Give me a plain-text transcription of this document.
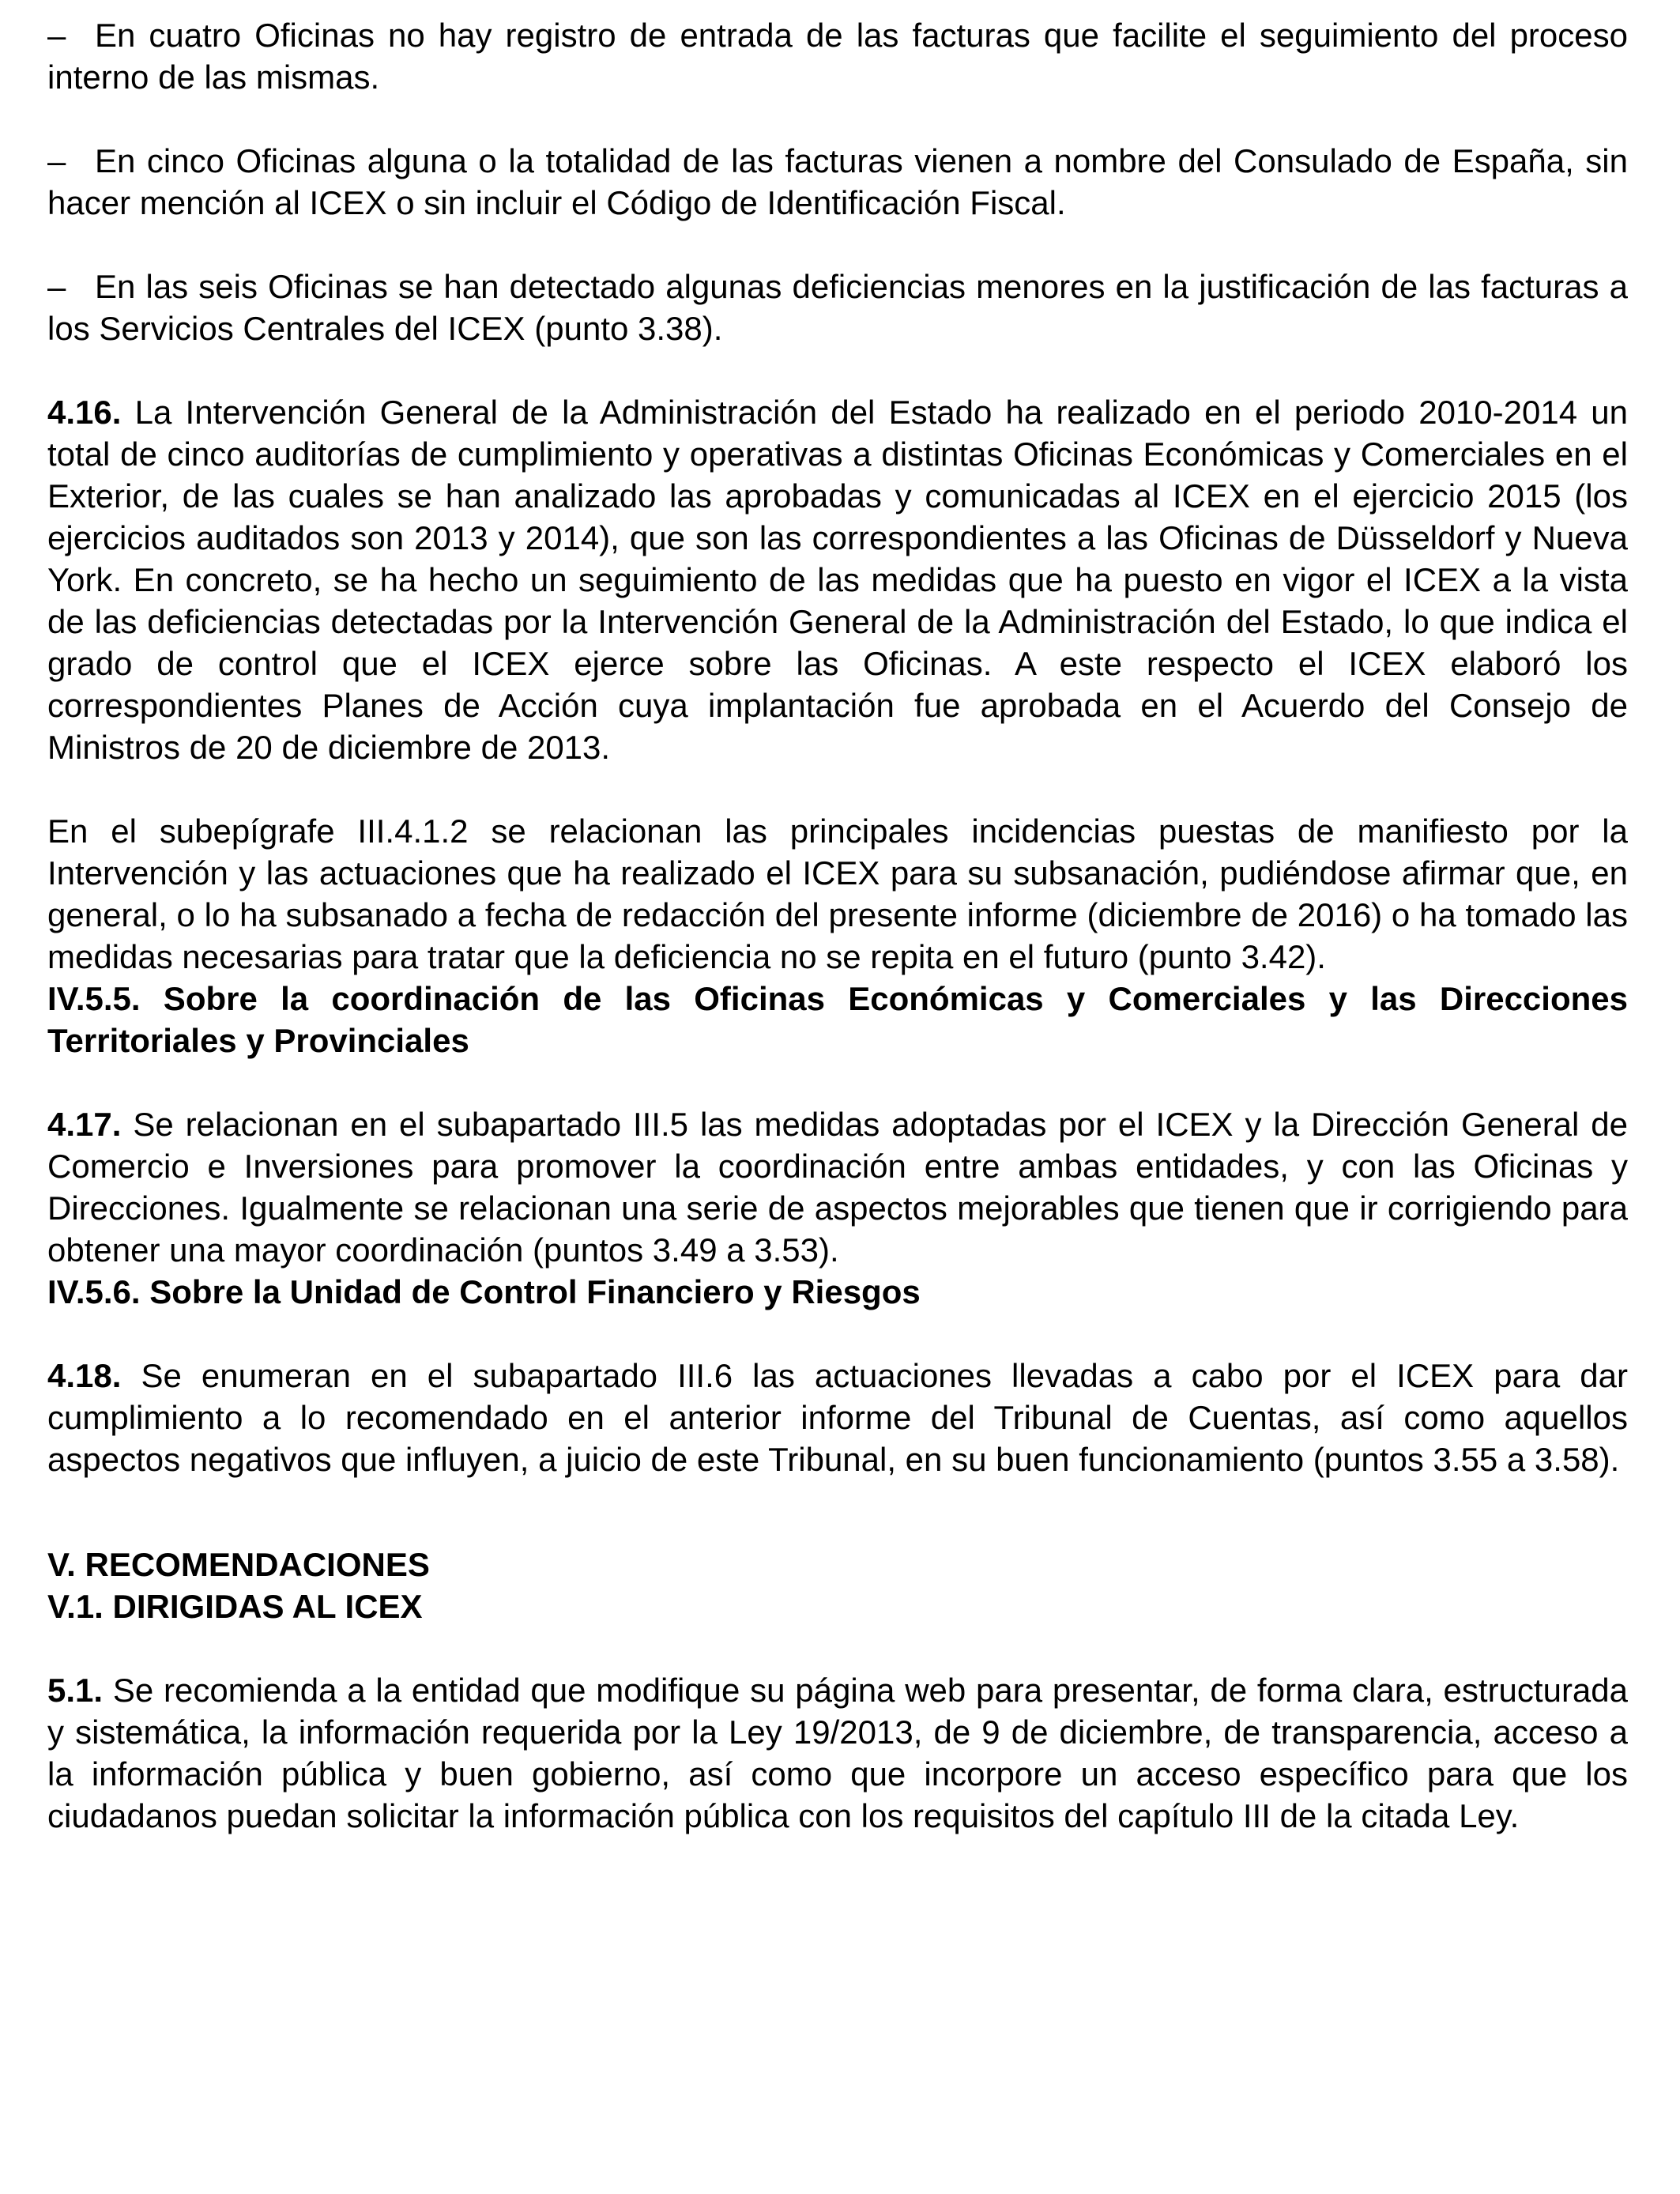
– En cuatro Oficinas no hay registro de entrada de las facturas que facilite el seguimiento del proceso interno de las mismas.

– En cinco Oficinas alguna o la totalidad de las facturas vienen a nombre del Consulado de España, sin hacer mención al ICEX o sin incluir el Código de Identificación Fiscal.

– En las seis Oficinas se han detectado algunas deficiencias menores en la justificación de las facturas a los Servicios Centrales del ICEX (punto 3.38).

4.16. La Intervención General de la Administración del Estado ha realizado en el periodo 2010-2014 un total de cinco auditorías de cumplimiento y operativas a distintas Oficinas Económicas y Comerciales en el Exterior, de las cuales se han analizado las aprobadas y comunicadas al ICEX en el ejercicio 2015 (los ejercicios auditados son 2013 y 2014), que son las correspondientes a las Oficinas de Düsseldorf y Nueva York. En concreto, se ha hecho un seguimiento de las medidas que ha puesto en vigor el ICEX a la vista de las deficiencias detectadas por la Intervención General de la Administración del Estado, lo que indica el grado de control que el ICEX ejerce sobre las Oficinas. A este respecto el ICEX elaboró los correspondientes Planes de Acción cuya implantación fue aprobada en el Acuerdo del Consejo de Ministros de 20 de diciembre de 2013.

En el subepígrafe III.4.1.2 se relacionan las principales incidencias puestas de manifiesto por la Intervención y las actuaciones que ha realizado el ICEX para su subsanación, pudiéndose afirmar que, en general, o lo ha subsanado a fecha de redacción del presente informe (diciembre de 2016) o ha tomado las medidas necesarias para tratar que la deficiencia no se repita en el futuro (punto 3.42).

IV.5.5. Sobre la coordinación de las Oficinas Económicas y Comerciales y las Direcciones Territoriales y Provinciales

4.17. Se relacionan en el subapartado III.5 las medidas adoptadas por el ICEX y la Dirección General de Comercio e Inversiones para promover la coordinación entre ambas entidades, y con las Oficinas y Direcciones. Igualmente se relacionan una serie de aspectos mejorables que tienen que ir corrigiendo para obtener una mayor coordinación (puntos 3.49 a 3.53).

IV.5.6. Sobre la Unidad de Control Financiero y Riesgos

4.18. Se enumeran en el subapartado III.6 las actuaciones llevadas a cabo por el ICEX para dar cumplimiento a lo recomendado en el anterior informe del Tribunal de Cuentas, así como aquellos aspectos negativos que influyen, a juicio de este Tribunal, en su buen funcionamiento (puntos 3.55 a 3.58).

V. RECOMENDACIONES

V.1. DIRIGIDAS AL ICEX

5.1. Se recomienda a la entidad que modifique su página web para presentar, de forma clara, estructurada y sistemática, la información requerida por la Ley 19/2013, de 9 de diciembre, de transparencia, acceso a la información pública y buen gobierno, así como que incorpore un acceso específico para que los ciudadanos puedan solicitar la información pública con los requisitos del capítulo III de la citada Ley.
